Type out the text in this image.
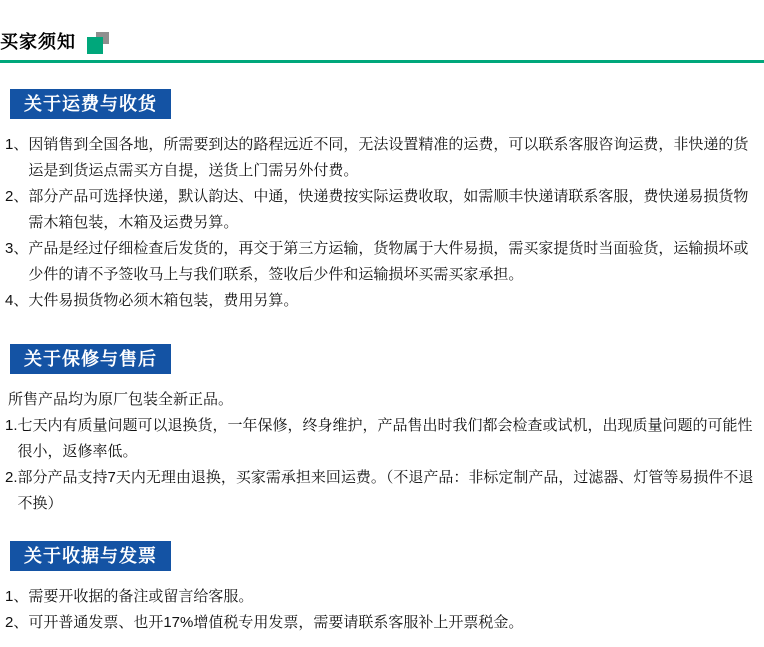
买家须知
关于运费与收货
1、 因销售到全国各地，所需要到达的路程远近不同，无法设置精准的运费，可以联系客服咨询运费，非快递的货运是到货运点需买方自提，送货上门需另外付费。
2、 部分产品可选择快递，默认韵达、中通，快递费按实际运费收取，如需顺丰快递请联系客服，费快递易损货物需木箱包装，木箱及运费另算。
3、 产品是经过仔细检查后发货的，再交于第三方运输，货物属于大件易损，需买家提货时当面验货，运输损坏或少件的请不予签收马上与我们联系，签收后少件和运输损坏买需买家承担。
4、 大件易损货物必须木箱包装，费用另算。
关于保修与售后
所售产品均为原厂包装全新正品。
1. 七天内有质量问题可以退换货，一年保修，终身维护，产品售出时我们都会检查或试机，出现质量问题的可能性很小，返修率低。
2. 部分产品支持7天内无理由退换，买家需承担来回运费。（不退产品：非标定制产品，过滤器、灯管等易损件不退不换）
关于收据与发票
1、 需要开收据的备注或留言给客服。
2、 可开普通发票、也开17%增值税专用发票，需要请联系客服补上开票税金。
